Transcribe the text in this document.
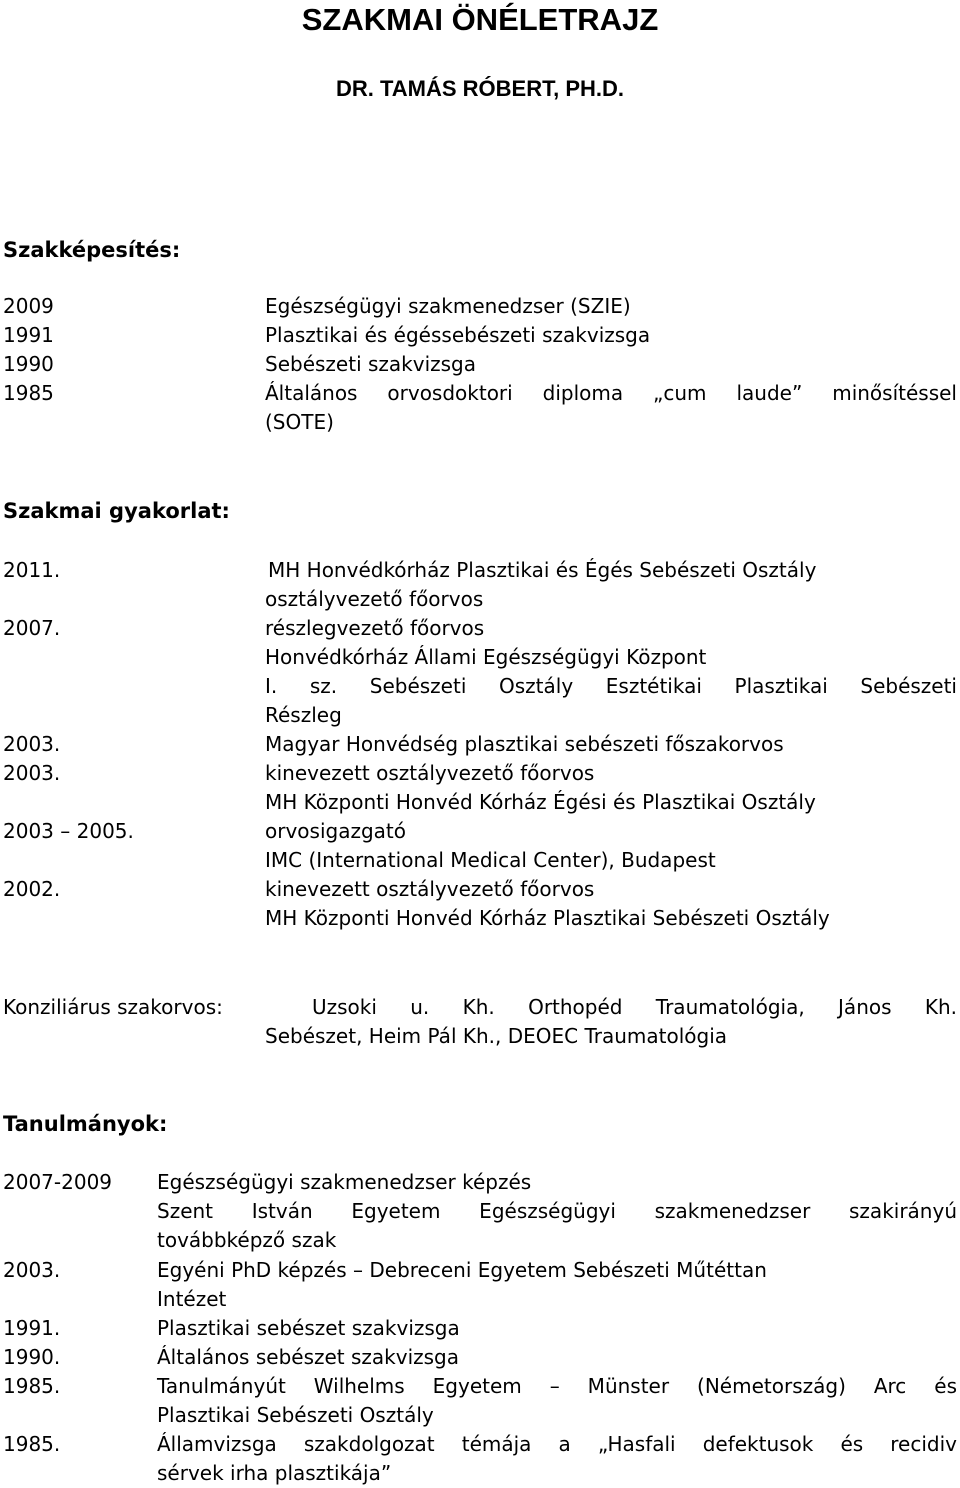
SZAKMAI ÖNÉLETRAJZ
DR. TAMÁS RÓBERT, PH.D.
Szakképesítés:
2009	Egészségügyi szakmenedzser (SZIE)
1991	Plasztikai és égéssebészeti szakvizsga
1990	Sebészeti szakvizsga
1985	Általános orvosdoktori diploma „cum laude” minősítéssel
(SOTE)
Szakmai gyakorlat:
2011.	MH Honvédkórház Plasztikai és Égés Sebészeti Osztály
osztályvezető főorvos
2007.	részlegvezető főorvos
Honvédkórház Állami Egészségügyi Központ
I. sz. Sebészeti Osztály Esztétikai Plasztikai Sebészeti
Részleg
2003.	Magyar Honvédség plasztikai sebészeti főszakorvos
2003.	kinevezett osztályvezető főorvos
MH Központi Honvéd Kórház Égési és Plasztikai Osztály
2003 – 2005.	orvosigazgató
IMC (International Medical Center), Budapest
2002.	kinevezett osztályvezető főorvos
MH Központi Honvéd Kórház Plasztikai Sebészeti Osztály
Konziliárus szakorvos:	Uzsoki u. Kh. Orthopéd Traumatológia, János Kh.
Sebészet, Heim Pál Kh., DEOEC Traumatológia
Tanulmányok:
2007-2009 Egészségügyi szakmenedzser képzés
Szent István Egyetem Egészségügyi szakmenedzser szakirányú
továbbképző szak
2003.	Egyéni PhD képzés – Debreceni Egyetem Sebészeti Műtéttan
Intézet
1991.	Plasztikai sebészet szakvizsga
1990.	Általános sebészet szakvizsga
1985.	Tanulmányút Wilhelms Egyetem – Münster (Németország) Arc és
Plasztikai Sebészeti Osztály
1985.	Államvizsga szakdolgozat témája a „Hasfali defektusok és recidiv
sérvek irha plasztikája”
